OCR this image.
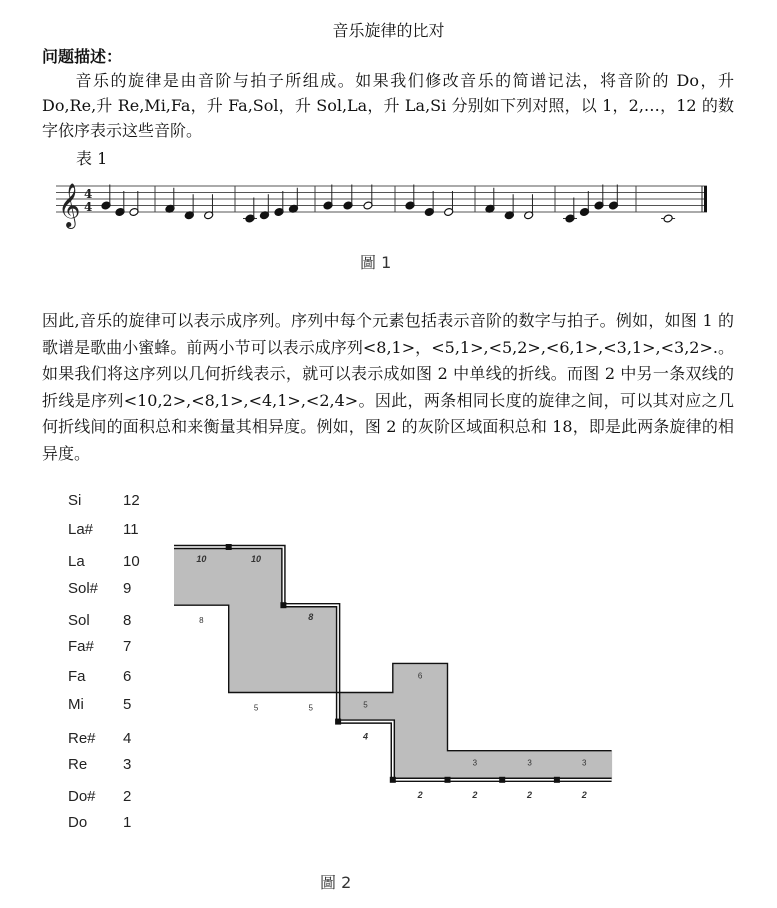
音乐旋律的比对
问题描述：
音乐的旋律是由音阶与拍子所组成。如果我们修改音乐的简谱记法，将音阶的 Do，升 Do,Re,升 Re,Mi,Fa，升 Fa,Sol，升 Sol,La，升 La,Si 分别如下列对照，以 1，2,…，12 的数字依序表示这些音阶。
表 1
𝄞 4
4
圖 1
因此,音乐的旋律可以表示成序列。序列中每个元素包括表示音阶的数字与拍子。例如，如图 1 的歌谱是歌曲小蜜蜂。前两小节可以表示成序列<8,1>，<5,1>,<5,2>,<6,1>,<3,1>,<3,2>.。如果我们将这序列以几何折线表示，就可以表示成如图 2 中单线的折线。而图 2 中另一条双线的折线是序列<10,2>,<8,1>,<4,1>,<2,4>。因此，两条相同长度的旋律之间，可以其对应之几何折线间的面积总和来衡量其相异度。例如，图 2 的灰阶区域面积总和 18，即是此两条旋律的相异度。
Si	12
La# 11
La	10
Sol# 9
Sol 8
Fa# 7
Fa 6
Mi	5
Re# 4
Re 3
Do# 2
Do 1
8
5	5	5
6
3	3	3
10	10
8
4
2	2	2	2
圖 2
